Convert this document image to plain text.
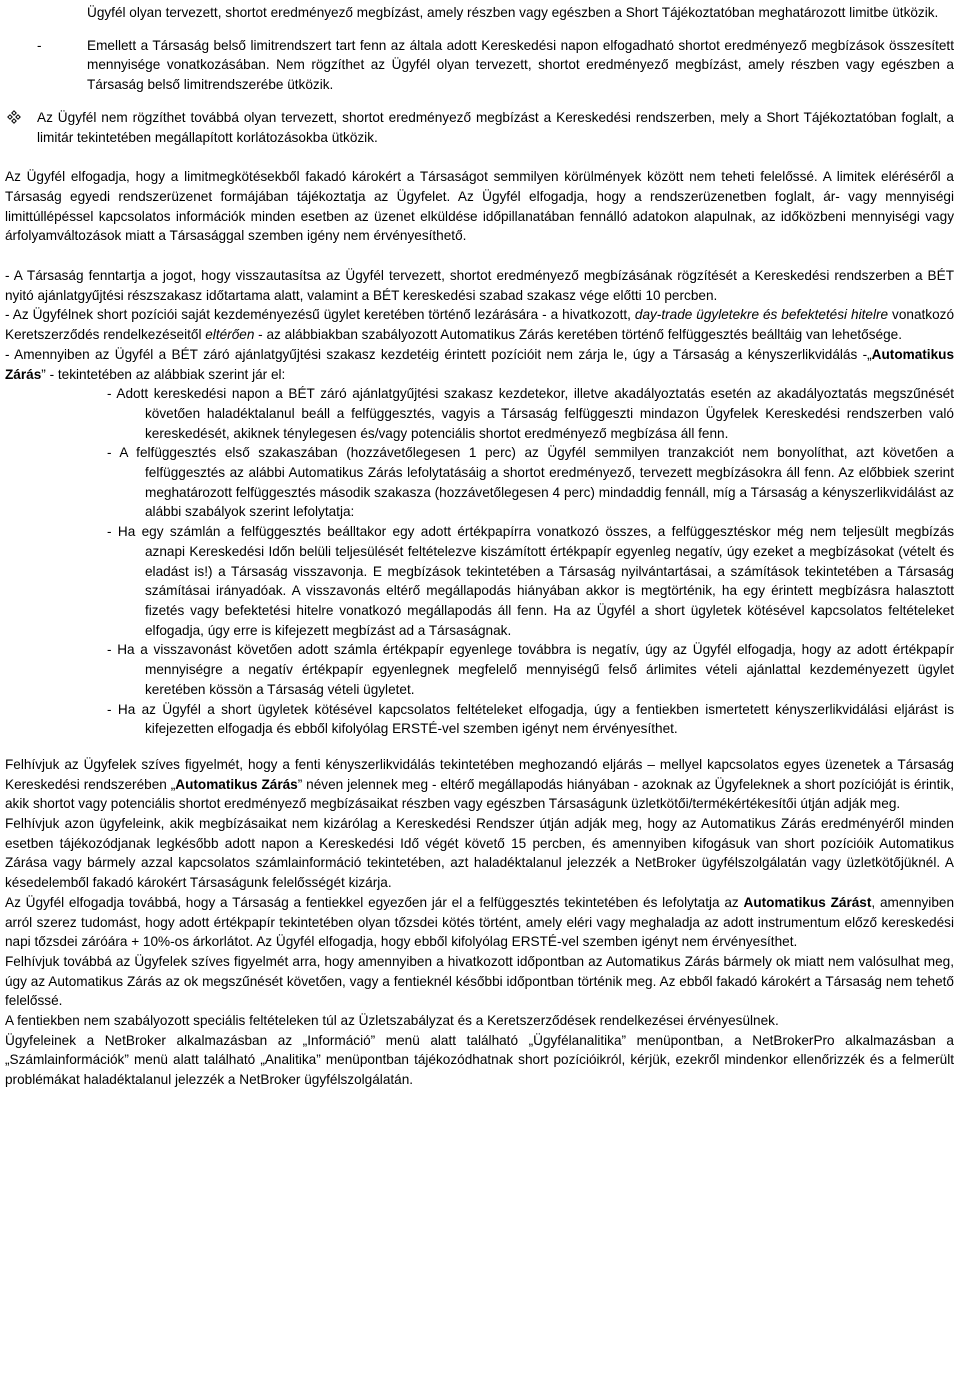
Ügyfél olyan tervezett, shortot eredményező megbízást, amely részben vagy egészben a Short Tájékoztatóban meghatározott limitbe ütközik.

-	Emellett a Társaság belső limitrendszert tart fenn az általa adott Kereskedési napon elfogadható shortot eredményező megbízások összesített mennyisége vonatkozásában. Nem rögzíthet az Ügyfél olyan tervezett, shortot eredményező megbízást, amely részben vagy egészben a Társaság belső limitrendszerébe ütközik.

Az Ügyfél nem rögzíthet továbbá olyan tervezett, shortot eredményező megbízást a Kereskedési rendszerben, mely a Short Tájékoztatóban foglalt, a limitár tekintetében megállapított korlátozásokba ütközik.

Az Ügyfél elfogadja, hogy a limitmegkötésekből fakadó károkért a Társaságot semmilyen körülmények között nem teheti felelőssé. A limitek eléréséről a Társaság egyedi rendszerüzenet formájában tájékoztatja az Ügyfelet. Az Ügyfél elfogadja, hogy a rendszerüzenetben foglalt, ár- vagy mennyiségi limittúllépéssel kapcsolatos információk minden esetben az üzenet elküldése időpillanatában fennálló adatokon alapulnak, az időközbeni mennyiségi vagy árfolyamváltozások miatt a Társasággal szemben igény nem érvényesíthető.

- A Társaság fenntartja a jogot, hogy visszautasítsa az Ügyfél tervezett, shortot eredményező megbízásának rögzítését a Kereskedési rendszerben a BÉT nyitó ajánlatgyűjtési részszakasz időtartama alatt, valamint a BÉT kereskedési szabad szakasz vége előtti 10 percben.

- Az Ügyfélnek short pozíciói saját kezdeményezésű ügylet keretében történő lezárására - a hivatkozott, day-trade ügyletekre és befektetési hitelre vonatkozó Keretszerződés rendelkezéseitől eltérően - az alábbiakban szabályozott Automatikus Zárás keretében történő felfüggesztés beálltáig van lehetősége.

- Amennyiben az Ügyfél a BÉT záró ajánlatgyűjtési szakasz kezdetéig érintett pozícióit nem zárja le, úgy a Társaság a kényszerlikvidálás -„Automatikus Zárás” - tekintetében az alábbiak szerint jár el:

- Adott kereskedési napon a BÉT záró ajánlatgyűjtési szakasz kezdetekor, illetve akadályoztatás esetén az akadályoztatás megszűnését követően haladéktalanul beáll a felfüggesztés, vagyis a Társaság felfüggeszti mindazon Ügyfelek Kereskedési rendszerben való kereskedését, akiknek ténylegesen és/vagy potenciális shortot eredményező megbízása áll fenn.

- A felfüggesztés első szakaszában (hozzávetőlegesen 1 perc) az Ügyfél semmilyen tranzakciót nem bonyolíthat, azt követően a felfüggesztés az alábbi Automatikus Zárás lefolytatásáig a shortot eredményező, tervezett megbízásokra áll fenn. Az előbbiek szerint meghatározott felfüggesztés második szakasza (hozzávetőlegesen 4 perc) mindaddig fennáll, míg a Társaság a kényszerlikvidálást az alábbi szabályok szerint lefolytatja:

- Ha egy számlán a felfüggesztés beálltakor egy adott értékpapírra vonatkozó összes, a felfüggesztéskor még nem teljesült megbízás aznapi Kereskedési Időn belüli teljesülését feltételezve kiszámított értékpapír egyenleg negatív, úgy ezeket a megbízásokat (vételt és eladást is!) a Társaság visszavonja. E megbízások tekintetében a Társaság nyilvántartásai, a számítások tekintetében a Társaság számításai irányadóak. A visszavonás eltérő megállapodás hiányában akkor is megtörténik, ha egy érintett megbízásra halasztott fizetés vagy befektetési hitelre vonatkozó megállapodás áll fenn. Ha az Ügyfél a short ügyletek kötésével kapcsolatos feltételeket elfogadja, úgy erre is kifejezett megbízást ad a Társaságnak.

- Ha a visszavonást követően adott számla értékpapír egyenlege továbbra is negatív, úgy az Ügyfél elfogadja, hogy az adott értékpapír mennyiségre a negatív értékpapír egyenlegnek megfelelő mennyiségű felső árlimites vételi ajánlattal kezdeményezett ügylet keretében kössön a Társaság vételi ügyletet.

- Ha az Ügyfél a short ügyletek kötésével kapcsolatos feltételeket elfogadja, úgy a fentiekben ismertetett kényszerlikvidálási eljárást is kifejezetten elfogadja és ebből kifolyólag ERSTÉ-vel szemben igényt nem érvényesíthet.

Felhívjuk az Ügyfelek szíves figyelmét, hogy a fenti kényszerlikvidálás tekintetében meghozandó eljárás – mellyel kapcsolatos egyes üzenetek a Társaság Kereskedési rendszerében „Automatikus Zárás” néven jelennek meg - eltérő megállapodás hiányában - azoknak az Ügyfeleknek a short pozícióját is érintik, akik shortot vagy potenciális shortot eredményező megbízásaikat részben vagy egészben Társaságunk üzletkötői/termékértékesítői útján adják meg.

Felhívjuk azon ügyfeleink, akik megbízásaikat nem kizárólag a Kereskedési Rendszer útján adják meg, hogy az Automatikus Zárás eredményéről minden esetben tájékozódjanak legkésőbb adott napon a Kereskedési Idő végét követő 15 percben, és amennyiben kifogásuk van short pozícióik Automatikus Zárása vagy bármely azzal kapcsolatos számlainformáció tekintetében, azt haladéktalanul jelezzék a NetBroker ügyfélszolgálatán vagy üzletkötőjüknél. A késedelemből fakadó károkért Társaságunk felelősségét kizárja.

Az Ügyfél elfogadja továbbá, hogy a Társaság a fentiekkel egyezően jár el a felfüggesztés tekintetében és lefolytatja az Automatikus Zárást, amennyiben arról szerez tudomást, hogy adott értékpapír tekintetében olyan tőzsdei kötés történt, amely eléri vagy meghaladja az adott instrumentum előző kereskedési napi tőzsdei záróára + 10%-os árkorlátot. Az Ügyfél elfogadja, hogy ebből kifolyólag ERSTÉ-vel szemben igényt nem érvényesíthet.

Felhívjuk továbbá az Ügyfelek szíves figyelmét arra, hogy amennyiben a hivatkozott időpontban az Automatikus Zárás bármely ok miatt nem valósulhat meg, úgy az Automatikus Zárás az ok megszűnését követően, vagy a fentieknél későbbi időpontban történik meg. Az ebből fakadó károkért a Társaság nem tehető felelőssé.

A fentiekben nem szabályozott speciális feltételeken túl az Üzletszabályzat és a Keretszerződések rendelkezései érvényesülnek.

Ügyfeleinek a NetBroker alkalmazásban az „Információ” menü alatt található „Ügyfélanalitika” menüpontban, a NetBrokerPro alkalmazásban a „Számlainformációk” menü alatt található „Analitika” menüpontban tájékozódhatnak short pozícióikról, kérjük, ezekről mindenkor ellenőrizzék és a felmerült problémákat haladéktalanul jelezzék a NetBroker ügyfélszolgálatán.
